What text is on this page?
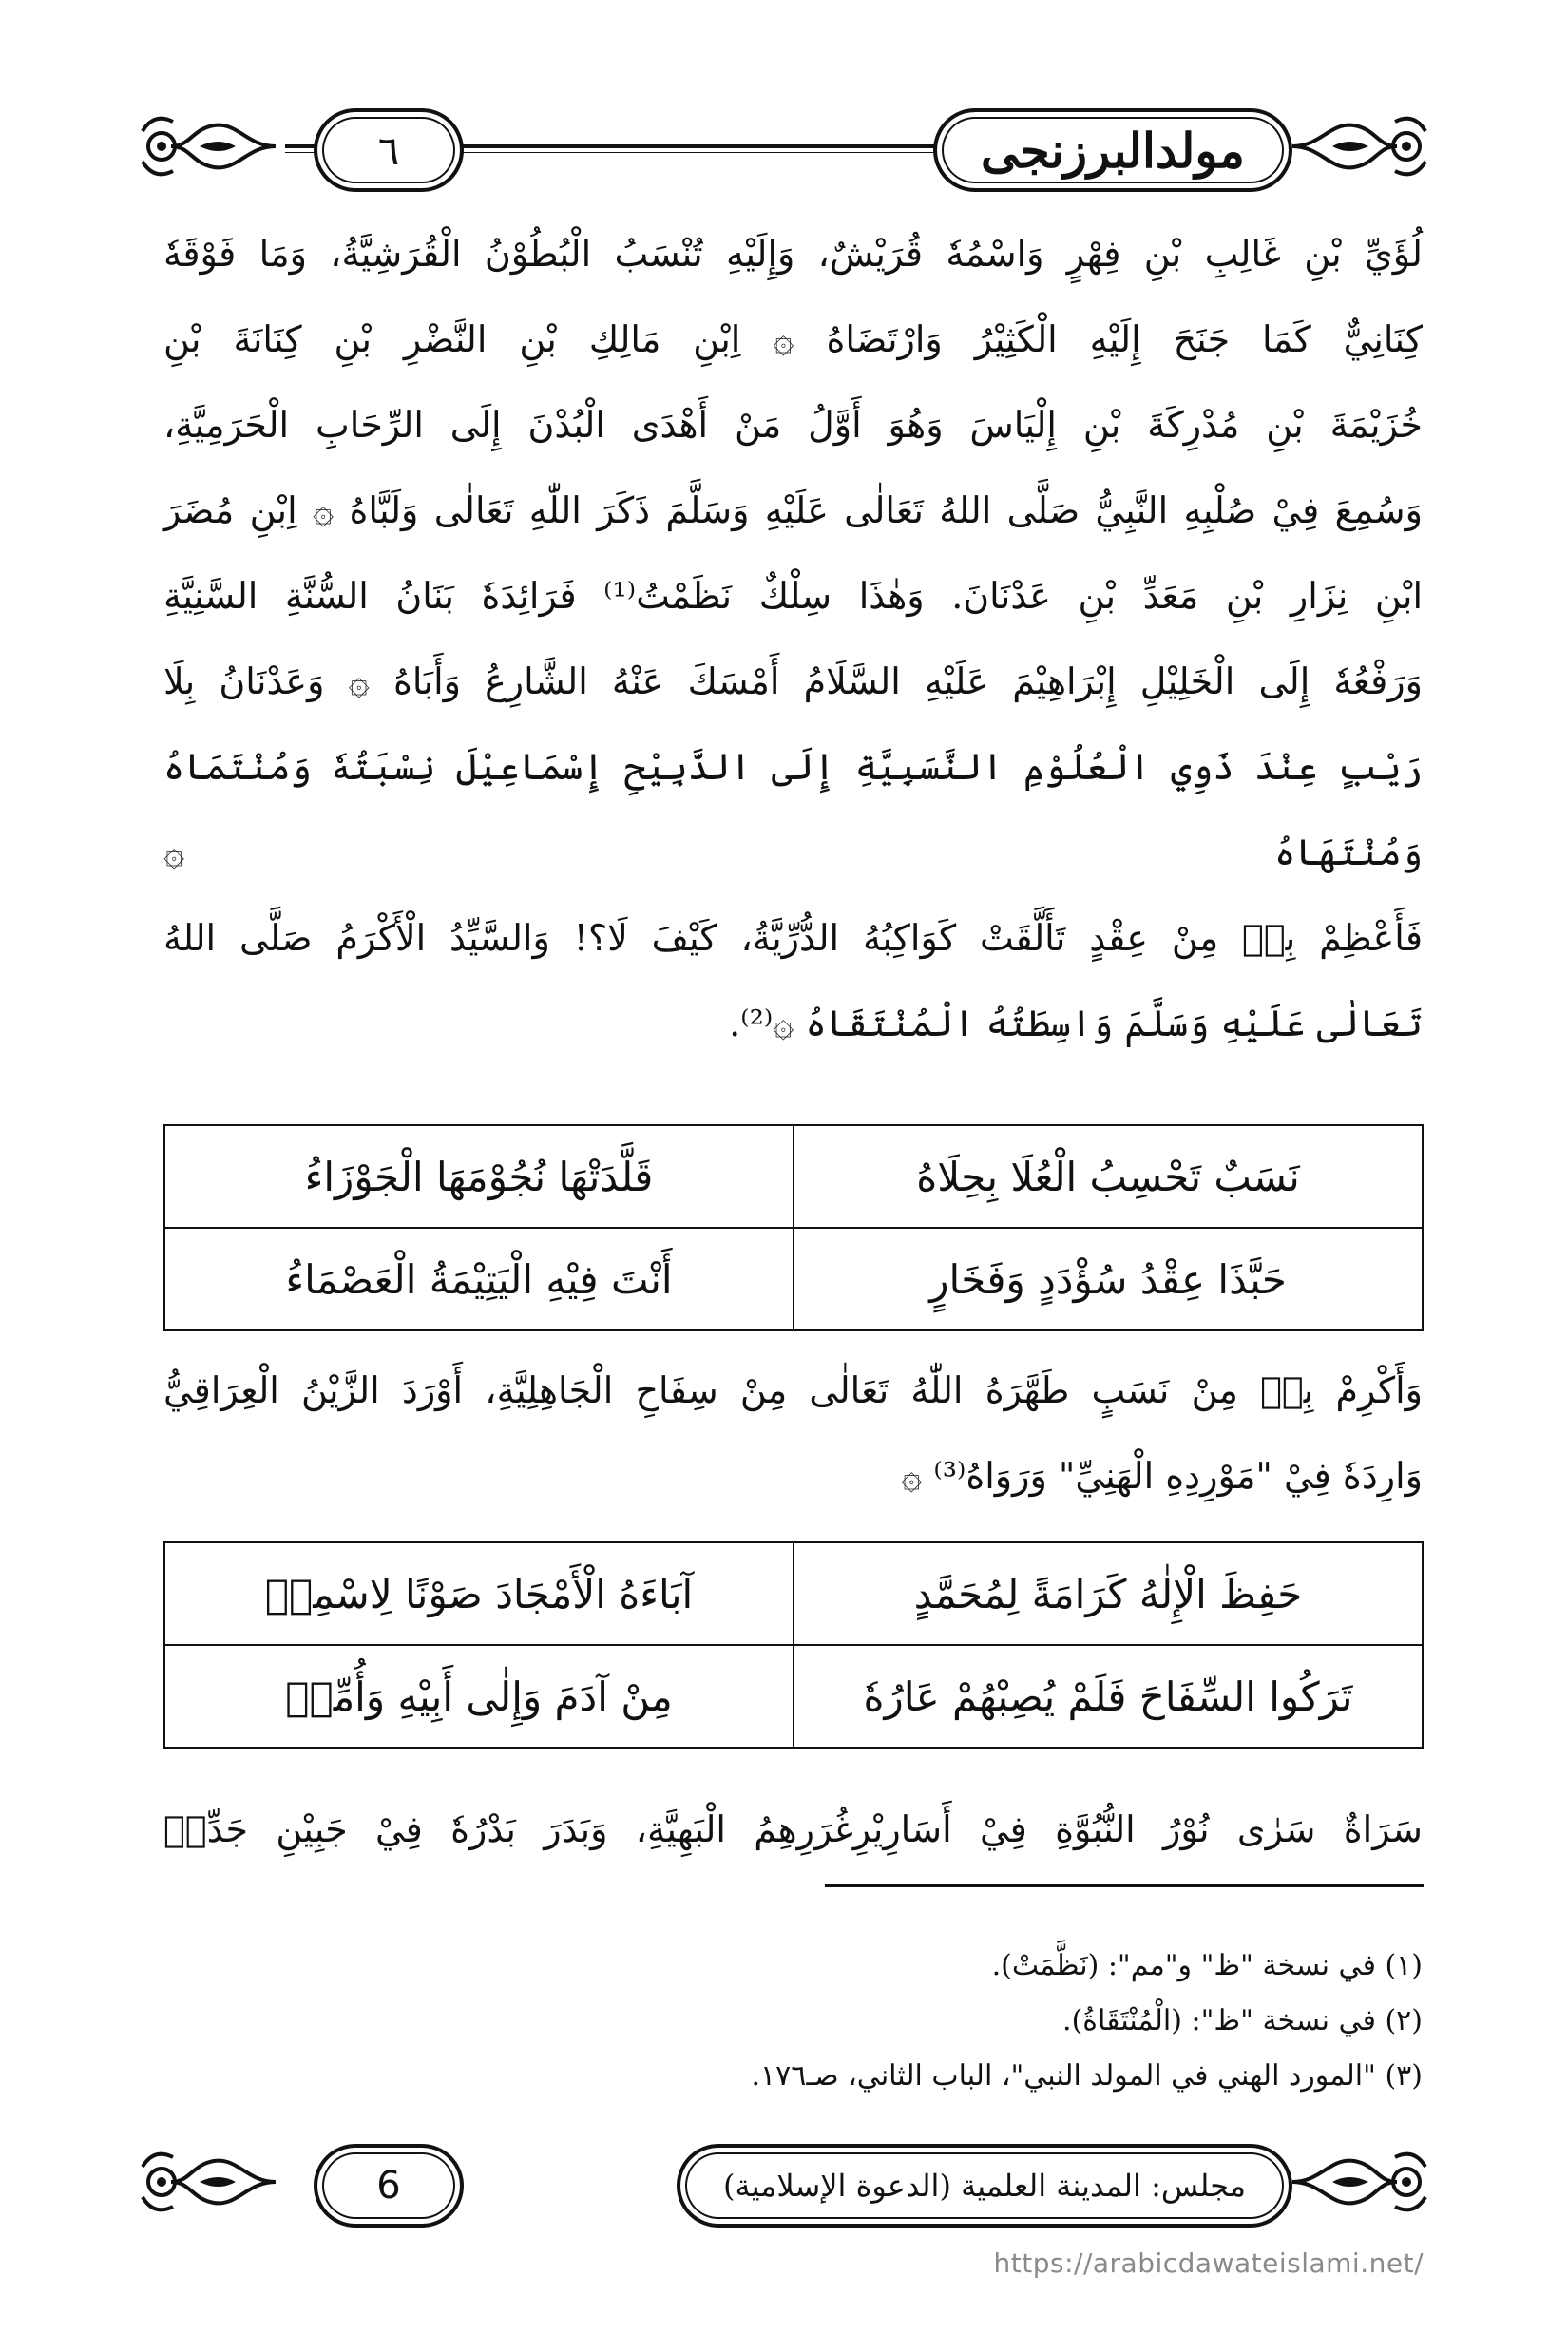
٦	مولدالبرزنجى
لُؤَيِّ بْنِ غَالِبِ بْنِ فِهْرٍ وَاسْمُهٗ قُرَيْشٌ، وَإِلَيْهِ تُنْسَبُ الْبُطُوْنُ الْقُرَشِيَّةُ، وَمَا فَوْقَهٗ
كِنَانِيٌّ كَمَا جَنَحَ إِلَيْهِ الْكَثِيْرُ وَارْتَضَاهُ ۞ اِبْنِ مَالِكِ بْنِ النَّضْرِ بْنِ كِنَانَةَ بْنِ
خُزَيْمَةَ بْنِ مُدْرِكَةَ بْنِ إِلْيَاسَ وَهُوَ أَوَّلُ مَنْ أَهْدَى الْبُدْنَ إِلَى الرِّحَابِ الْحَرَمِيَّةِ،
وَسُمِعَ فِيْ صُلْبِهِ النَّبِيُّ صَلَّى اللهُ تَعَالٰى عَلَيْهِ وَسَلَّمَ ذَكَرَ اللّٰهِ تَعَالٰى وَلَبَّاهُ ۞ اِبْنِ مُضَرَ
ابْنِ نِزَارِ بْنِ مَعَدِّ بْنِ عَدْنَانَ. وَهٰذَا سِلْكٌ نَظَمْتُ⁽¹⁾ فَرَائِدَهٗ بَنَانُ السُّنَّةِ السَّنِيَّةِ
وَرَفْعُهٗ إِلَى الْخَلِيْلِ إِبْرَاهِيْمَ عَلَيْهِ السَّلَامُ أَمْسَكَ عَنْهُ الشَّارِعُ وَأَبَاهُ ۞ وَعَدْنَانُ بِلَا
رَيْبٍ عِنْدَ ذَوِي الْعُلُوْمِ النَّسَبِيَّةِ إِلَى الذَّبِيْحِ إِسْمَاعِيْلَ نِسْبَتُهٗ وَمُنْتَمَاهُ وَمُنْتَهَاهُ ۞
فَأَعْظِمْ بِهٖ مِنْ عِقْدٍ تَأَلَّقَتْ كَوَاكِبُهُ الدُّرِّيَّةُ، كَيْفَ لَا؟! وَالسَّيِّدُ الْأَكْرَمُ صَلَّى اللهُ
تَعَالٰى عَلَيْهِ وَسَلَّمَ وَاسِطَتُهُ الْمُنْتَقَاهُ ۞⁽²⁾.
نَسَبٌ تَحْسِبُ الْعُلَا بِحِلَاهُ	قَلَّدَتْهَا نُجُوْمَهَا الْجَوْزَاءُ
حَبَّذَا عِقْدُ سُؤْدَدٍ وَفَخَارٍ	أَنْتَ فِيْهِ الْيَتِيْمَةُ الْعَصْمَاءُ
وَأَكْرِمْ بِهٖ مِنْ نَسَبٍ طَهَّرَهُ اللّٰهُ تَعَالٰى مِنْ سِفَاحِ الْجَاهِلِيَّةِ، أَوْرَدَ الزَّيْنُ الْعِرَاقِيُّ
وَارِدَهٗ فِيْ "مَوْرِدِهِ الْهَنِيِّ" وَرَوَاهُ⁽³⁾ ۞
حَفِظَ الْإِلٰهُ كَرَامَةً لِمُحَمَّدٍ	آبَاءَهُ الْأَمْجَادَ صَوْنًا لِاسْمِهٖ
تَرَكُوا السِّفَاحَ فَلَمْ يُصِبْهُمْ عَارُهٗ	مِنْ آدَمَ وَإِلٰى أَبِيْهِ وَأُمِّهٖ
سَرَاةٌ سَرٰى نُوْرُ النُّبُوَّةِ فِيْ أَسَارِيْرِغُرَرِهِمُ الْبَهِيَّةِ، وَبَدَرَ بَدْرُهٗ فِيْ جَبِيْنِ جَدِّهٖ
(١) في نسخة "ظ" و"مم": (نَظَّمَتْ).
(٢) في نسخة "ظ": (الْمُنْتَقَاةُ).
(٣) "المورد الهني في المولد النبي"، الباب الثاني، صـ١٧٦.
6	مجلس: المدينة العلمية (الدعوة الإسلامية)
https://arabicdawateislami.net/
